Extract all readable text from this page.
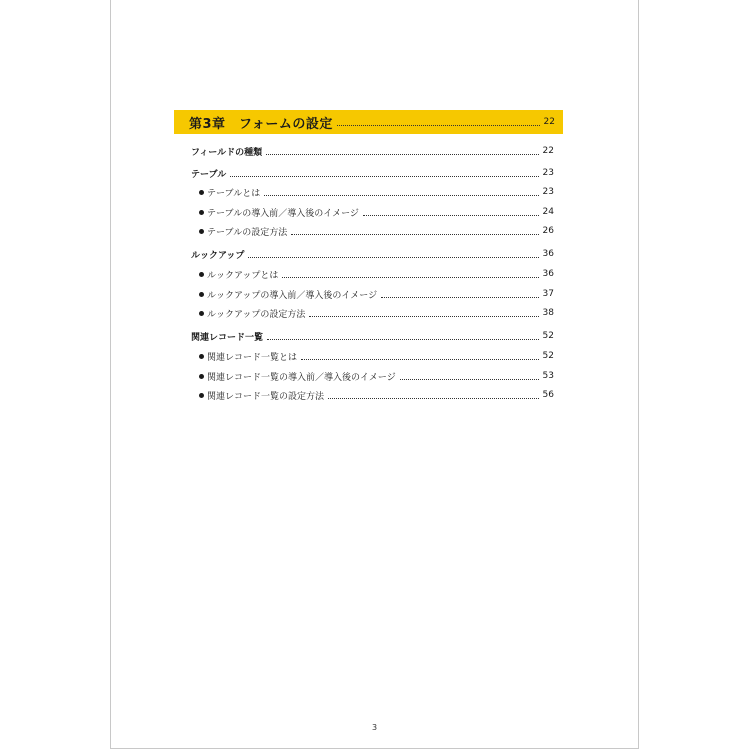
第3章　フォームの設定	22
フィールドの種類	22
テーブル	23
テーブルとは	23
テーブルの導入前／導入後のイメージ	24
テーブルの設定方法	26
ルックアップ	36
ルックアップとは	36
ルックアップの導入前／導入後のイメージ	37
ルックアップの設定方法	38
関連レコード一覧	52
関連レコード一覧とは	52
関連レコード一覧の導入前／導入後のイメージ	53
関連レコード一覧の設定方法	56
3
